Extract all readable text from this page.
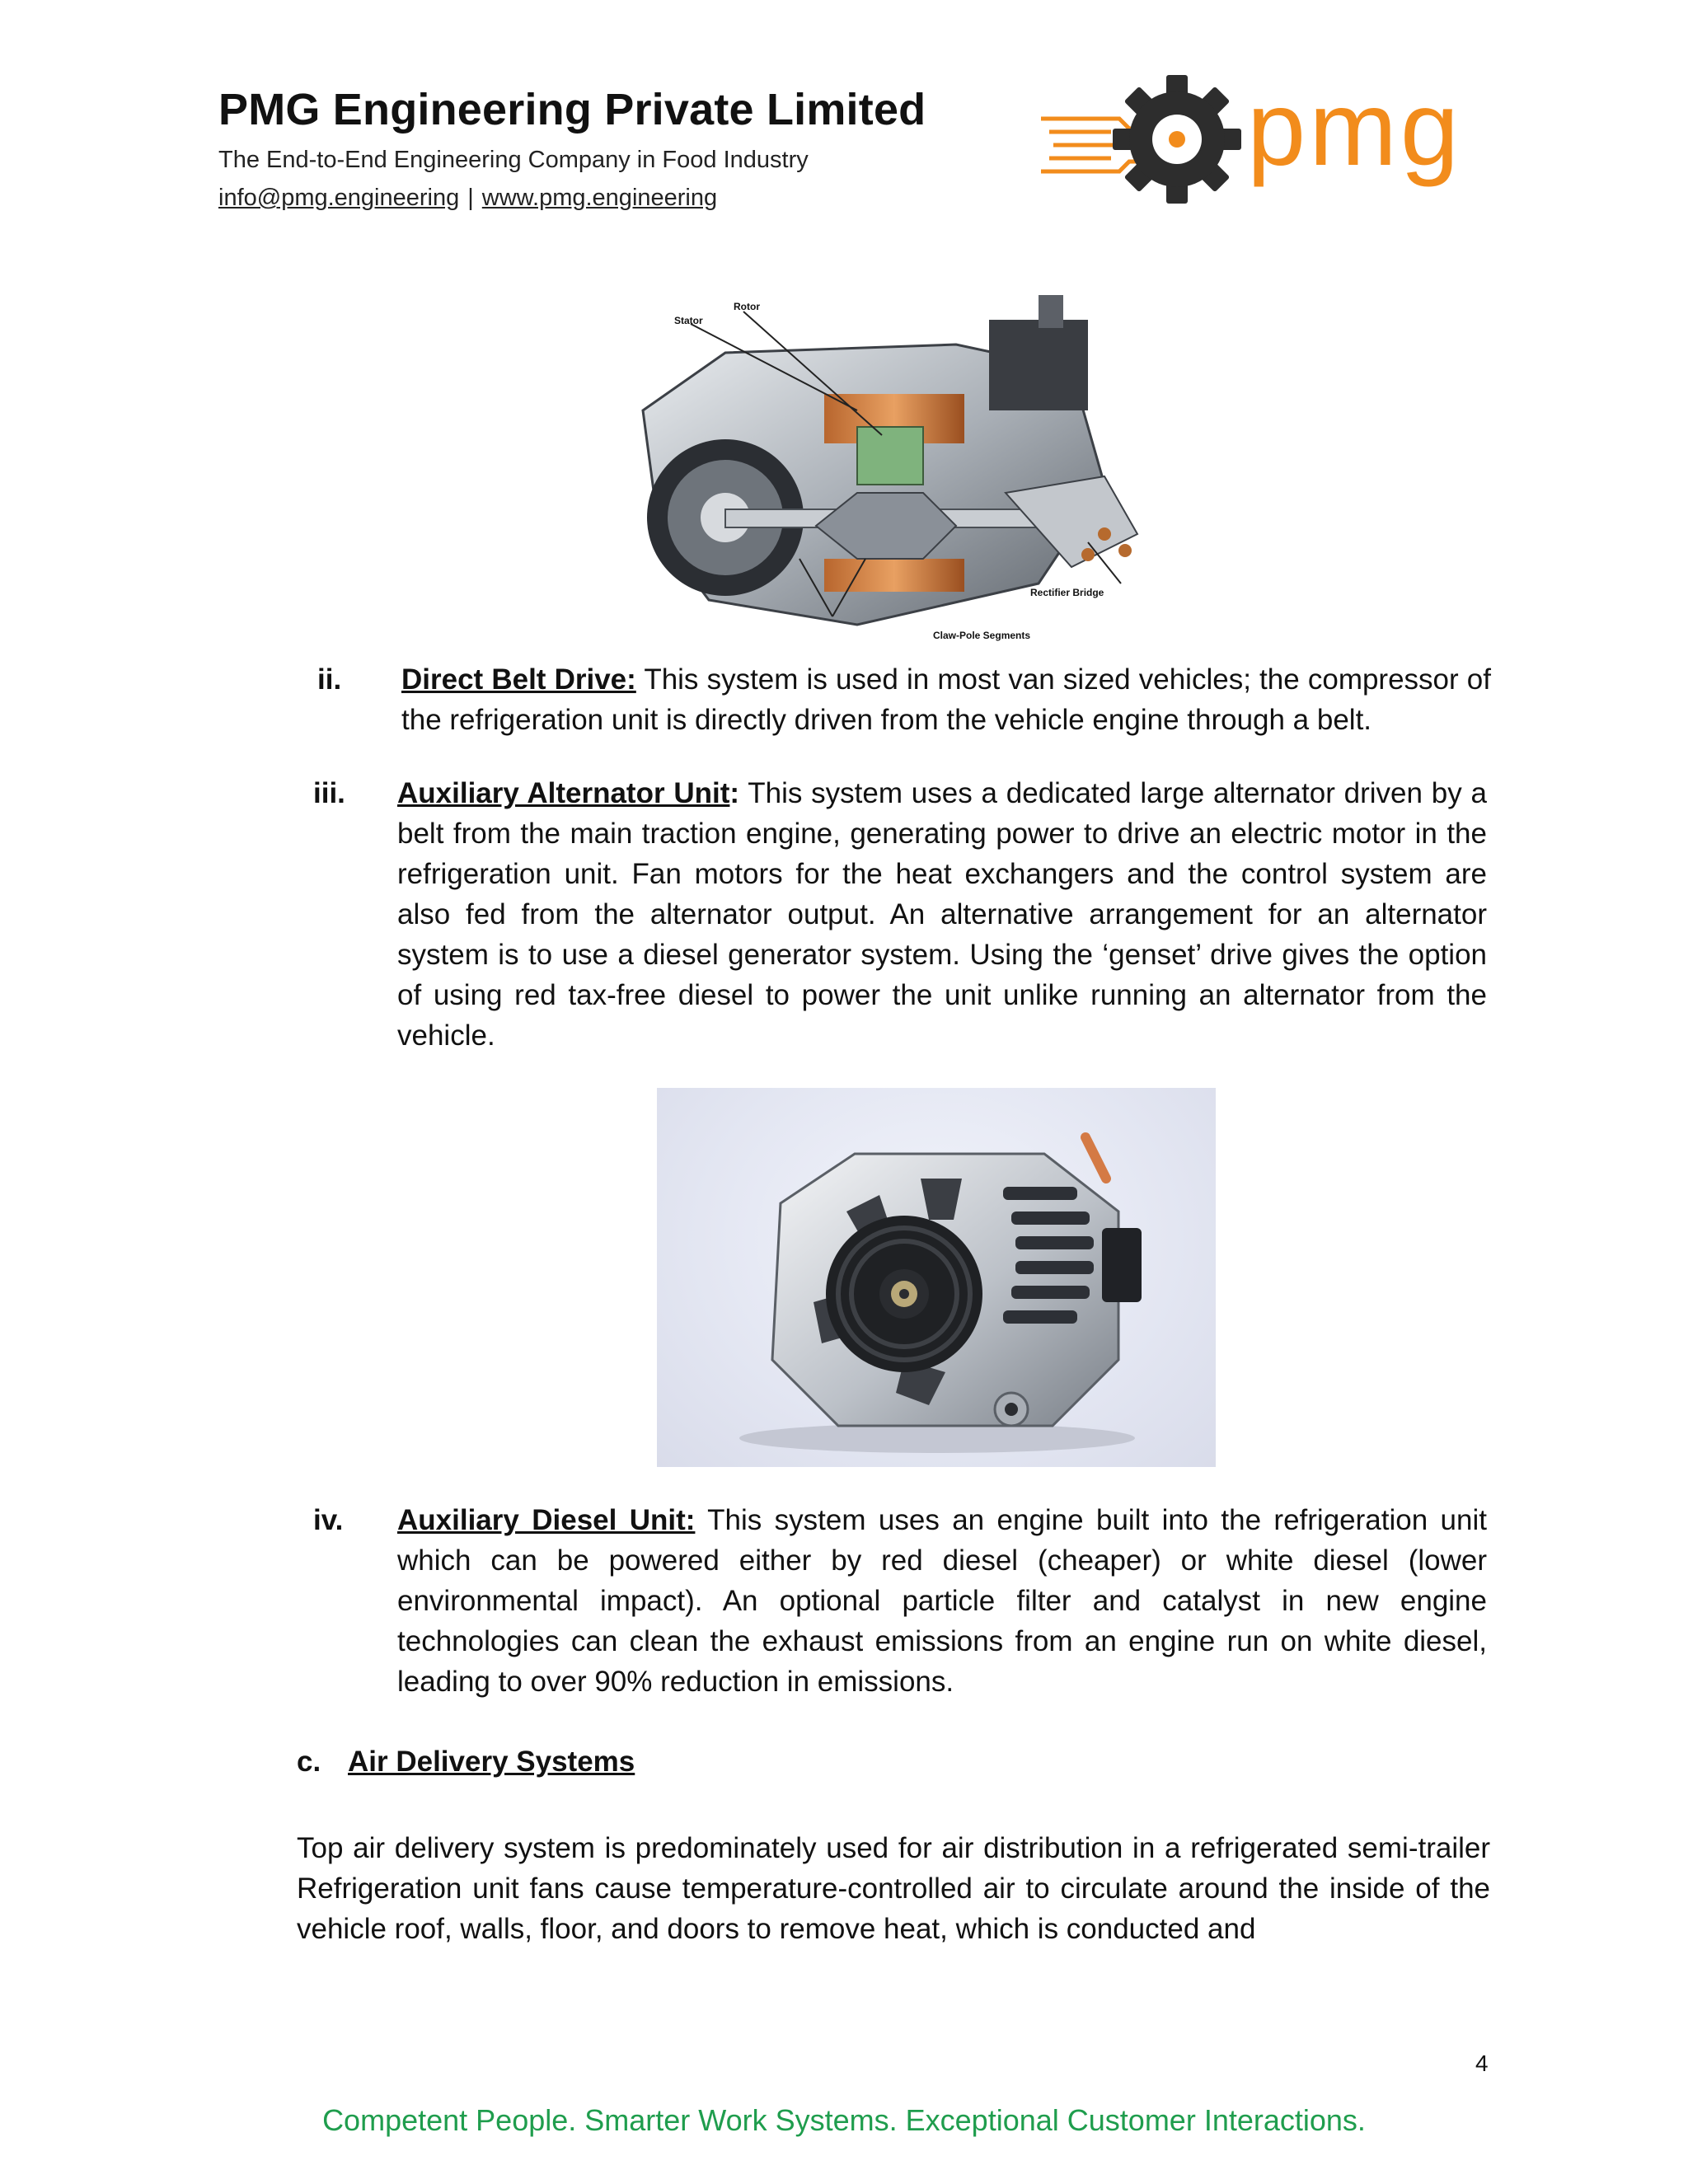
PMG Engineering Private Limited
The End-to-End Engineering Company in Food Industry
info@pmg.engineering | www.pmg.engineering
pmg
Stator
Rotor
Rectifier Bridge
Claw-Pole Segments
ii. Direct Belt Drive: This system is used in most van sized vehicles; the compressor of the refrigeration unit is directly driven from the vehicle engine through a belt.
iii. Auxiliary Alternator Unit: This system uses a dedicated large alternator driven by a belt from the main traction engine, generating power to drive an electric motor in the refrigeration unit. Fan motors for the heat exchangers and the control system are also fed from the alternator output. An alternative arrangement for an alternator system is to use a diesel generator system. Using the ‘genset’ drive gives the option of using red tax-free diesel to power the unit unlike running an alternator from the vehicle.
iv. Auxiliary Diesel Unit: This system uses an engine built into the refrigeration unit which can be powered either by red diesel (cheaper) or white diesel (lower environmental impact). An optional particle filter and catalyst in new engine technologies can clean the exhaust emissions from an engine run on white diesel, leading to over 90% reduction in emissions.
c. Air Delivery Systems
Top air delivery system is predominately used for air distribution in a refrigerated semi-trailer Refrigeration unit fans cause temperature-controlled air to circulate around the inside of the vehicle roof, walls, floor, and doors to remove heat, which is conducted and
4
Competent People. Smarter Work Systems. Exceptional Customer Interactions.
